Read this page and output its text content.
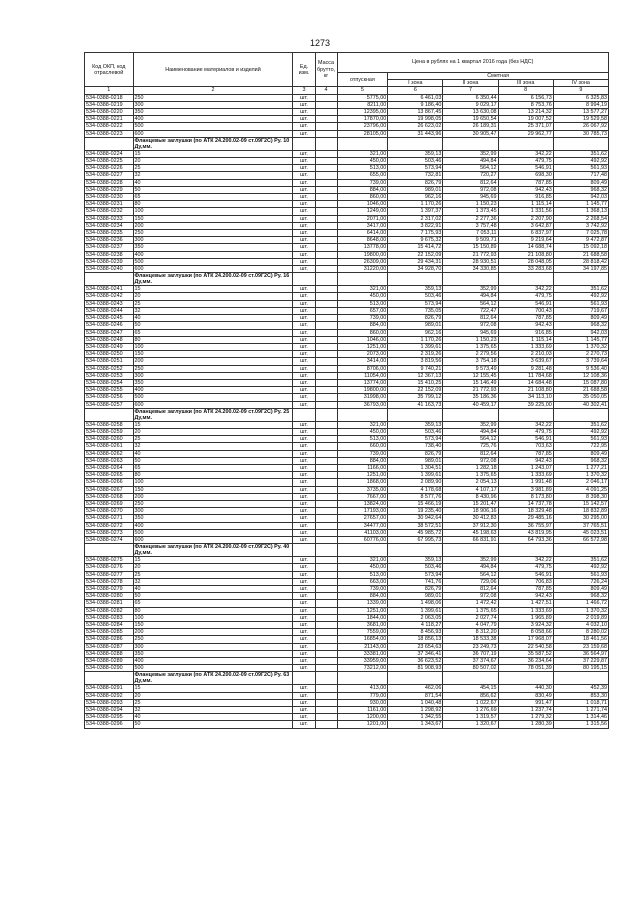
1273
Код ОКП, код отраслевой	Наименование материалов и изделий	Ед. изм.	Масса брутто, кг	Цена в рублях на 1 квартал 2016 года (без НДС)				
				отпускная	Сметная			
					I зона	II зона	III зона	IV зона
1	2	3	4	5	6	7	8	9
534-0388-0218	250	шт.		5775,00	6 461,03	6 350,44	6 156,73	6 325,83
534-0388-0219	300	шт.		8211,00	9 186,40	9 029,17	8 753,76	8 994,19
534-0388-0220	350	шт.		12395,00	13 867,45	13 630,08	13 214,32	13 577,27
534-0388-0221	400	шт.		17870,00	19 998,05	19 650,54	19 007,52	19 529,58
534-0388-0222	500	шт.		23796,00	26 623,02	26 189,31	25 371,07	26 067,92
534-0388-0223	600	шт.		28105,00	31 443,96	30 905,47	29 962,77	30 785,73
	Фланцевые заглушки (по АТК 24.200.02-09 ст.09Г2С) Ру. 10 Ду,мм.							
534-0388-0224	15	шт.		321,00	359,13	352,99	342,22	351,62
534-0388-0225	20	шт.		450,00	503,46	494,84	479,75	492,92
534-0388-0226	25	шт.		513,00	573,94	564,12	546,91	561,93
534-0388-0227	32	шт.		655,00	732,81	720,27	698,30	717,48
534-0388-0228	40	шт.		739,00	826,79	812,64	787,85	809,49
534-0388-0229	50	шт.		884,00	989,01	972,08	942,43	968,32
534-0388-0230	65	шт.		860,00	962,16	945,69	916,85	942,03
534-0388-0231	80	шт.		1046,00	1 170,26	1 150,23	1 115,14	1 145,77
534-0388-0232	100	шт.		1249,00	1 397,37	1 373,45	1 331,56	1 368,13
534-0388-0233	150	шт.		2071,00	2 317,02	2 277,36	2 207,90	2 268,54
534-0388-0234	200	шт.		3417,00	3 822,91	3 757,48	3 642,87	3 742,92
534-0388-0235	250	шт.		6414,00	7 175,93	7 053,11	6 837,97	7 025,78
534-0388-0236	300	шт.		8648,00	9 675,32	9 509,71	9 219,64	9 472,87
534-0388-0237	350	шт.		13778,00	15 414,72	15 150,89	14 688,74	15 092,18
534-0388-0238	400	шт.		19800,00	22 152,09	21 772,93	21 108,80	21 688,58
534-0388-0239	500	шт.		26309,00	29 434,31	28 930,51	28 048,05	28 818,42
534-0388-0240	600	шт.		31220,00	34 928,70	34 330,85	33 283,68	34 197,85
	Фланцевые заглушки (по АТК 24.200.02-09 ст.09Г2С) Ру. 16 Ду,мм.							
534-0388-0241	15	шт.		321,00	359,13	352,99	342,22	351,62
534-0388-0242	20	шт.		450,00	503,46	494,84	479,75	492,92
534-0388-0243	25	шт.		513,00	573,94	564,12	546,91	561,93
534-0388-0244	32	шт.		657,00	735,05	722,47	700,43	719,67
534-0388-0245	40	шт.		739,00	826,79	812,64	787,85	809,49
534-0388-0246	50	шт.		884,00	989,01	972,08	942,43	968,32
534-0388-0247	65	шт.		860,00	962,16	945,69	916,85	942,03
534-0388-0248	80	шт.		1046,00	1 170,26	1 150,23	1 115,14	1 145,77
534-0388-0249	100	шт.		1251,00	1 399,61	1 375,65	1 333,69	1 370,32
534-0388-0250	150	шт.		2073,00	2 319,26	2 279,56	2 210,03	2 270,73
534-0388-0251	200	шт.		3414,00	3 819,56	3 754,18	3 639,67	3 739,64
534-0388-0252	250	шт.		8706,00	9 740,21	9 573,49	9 281,48	9 536,40
534-0388-0253	300	шт.		11054,00	12 367,13	12 155,45	11 784,68	12 108,36
534-0388-0254	350	шт.		13774,00	15 410,25	15 146,49	14 684,48	15 087,80
534-0388-0255	400	шт.		19800,00	22 152,09	21 772,93	21 108,80	21 688,58
534-0388-0256	500	шт.		31998,00	35 799,12	35 186,36	34 113,10	35 050,05
534-0388-0257	600	шт.		36793,00	41 163,73	40 459,17	39 225,00	40 302,41
	Фланцевые заглушки (по АТК 24.200.02-09 ст.09Г2С) Ру. 25 Ду,мм.							
534-0388-0258	15	шт.		321,00	359,13	352,99	342,22	351,62
534-0388-0259	20	шт.		450,00	503,46	494,84	479,75	492,92
534-0388-0260	25	шт.		513,00	573,94	564,12	546,91	561,93
534-0388-0261	32	шт.		660,00	738,40	725,76	703,63	722,95
534-0388-0262	40	шт.		739,00	826,79	812,64	787,85	809,49
534-0388-0263	50	шт.		884,00	989,01	972,08	942,43	968,32
534-0388-0264	65	шт.		1166,00	1 304,51	1 282,18	1 243,07	1 277,21
534-0388-0265	80	шт.		1251,00	1 399,61	1 375,65	1 333,69	1 370,32
534-0388-0266	100	шт.		1868,00	2 089,90	2 054,13	1 991,48	2 046,17
534-0388-0267	150	шт.		3735,00	4 178,68	4 107,17	3 981,89	4 091,25
534-0388-0268	200	шт.		7667,00	8 577,76	8 430,96	8 173,80	8 398,30
534-0388-0269	250	шт.		13824,00	15 466,19	15 201,47	14 737,78	15 142,57
534-0388-0270	300	шт.		17193,00	19 235,40	18 906,16	18 329,48	18 832,89
534-0388-0271	350	шт.		27657,00	30 942,64	30 412,83	29 485,16	30 295,00
534-0388-0272	400	шт.		34477,00	38 572,51	37 912,30	36 755,97	37 765,51
534-0388-0273	500	шт.		41103,00	45 985,72	45 198,63	43 819,95	45 023,51
534-0388-0274	600	шт.		60776,00	67 995,73	66 831,91	64 793,36	66 572,98
	Фланцевые заглушки (по АТК 24.200.02-09 ст.09Г2С) Ру. 40 Ду,мм.							
534-0388-0275	15	шт.		321,00	359,13	352,99	342,22	351,62
534-0388-0276	20	шт.		450,00	503,46	494,84	479,75	492,92
534-0388-0277	25	шт.		513,00	573,94	564,12	546,91	561,93
534-0388-0278	32	шт.		663,00	741,76	729,06	706,83	726,24
534-0388-0279	40	шт.		739,00	826,79	812,64	787,85	809,49
534-0388-0280	50	шт.		884,00	989,01	972,08	942,43	968,32
534-0388-0281	65	шт.		1339,00	1 498,06	1 472,42	1 427,51	1 466,72
534-0388-0282	80	шт.		1251,00	1 399,61	1 375,65	1 333,69	1 370,32
534-0388-0283	100	шт.		1844,00	2 063,05	2 027,74	1 965,89	2 019,89
534-0388-0284	150	шт.		3681,00	4 118,27	4 047,79	3 924,32	4 032,10
534-0388-0285	200	шт.		7559,00	8 456,93	8 312,20	8 058,66	8 280,02
534-0388-0286	250	шт.		16854,00	18 856,13	18 533,38	17 968,07	18 461,56
534-0388-0287	300	шт.		21143,00	23 654,63	23 249,73	22 540,58	23 159,68
534-0388-0288	350	шт.		33381,00	37 346,41	36 707,19	35 587,52	36 564,97
534-0388-0289	400	шт.		33959,00	36 623,52	37 374,67	36 234,64	37 229,87
534-0388-0290	500	шт.		73212,00	81 908,93	80 507,02	78 051,39	80 195,15
	Фланцевые заглушки (по АТК 24.200.02-09 ст.09Г2С) Ру. 63 Ду,мм.							
534-0388-0291	15	шт.		413,00	462,06	454,15	440,30	452,39
534-0388-0292	20	шт.		779,00	871,54	856,62	830,49	853,30
534-0388-0293	25	шт.		930,00	1 040,48	1 022,67	991,47	1 018,71
534-0388-0294	32	шт.		1161,00	1 298,92	1 276,69	1 237,74	1 271,74
534-0388-0295	40	шт.		1200,00	1 342,55	1 319,57	1 279,32	1 314,46
534-0388-0296	50	шт.		1201,00	1 343,67	1 320,67	1 280,39	1 315,56
